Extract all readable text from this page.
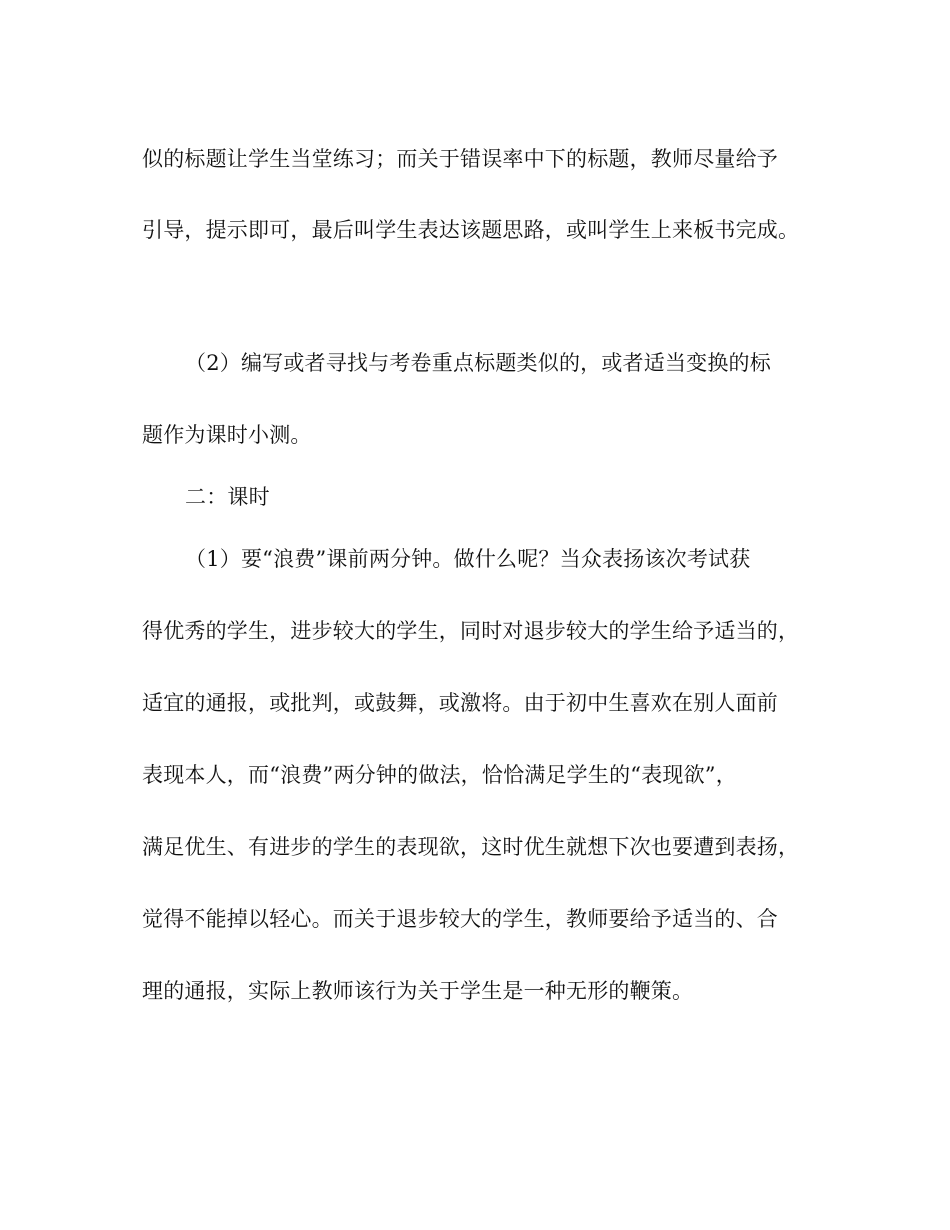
似的标题让学生当堂练习；而关于错误率中下的标题，教师尽量给予
引导，提示即可，最后叫学生表达该题思路，或叫学生上来板书完成。
（2）编写或者寻找与考卷重点标题类似的，或者适当变换的标
题作为课时小测。
二：课时
（1）要“浪费”课前两分钟。做什么呢？当众表扬该次考试获
得优秀的学生，进步较大的学生，同时对退步较大的学生给予适当的，
适宜的通报，或批判，或鼓舞，或激将。由于初中生喜欢在别人面前
表现本人，而“浪费”两分钟的做法，恰恰满足学生的“表现欲”，
满足优生、有进步的学生的表现欲，这时优生就想下次也要遭到表扬，
觉得不能掉以轻心。而关于退步较大的学生，教师要给予适当的、合
理的通报，实际上教师该行为关于学生是一种无形的鞭策。
